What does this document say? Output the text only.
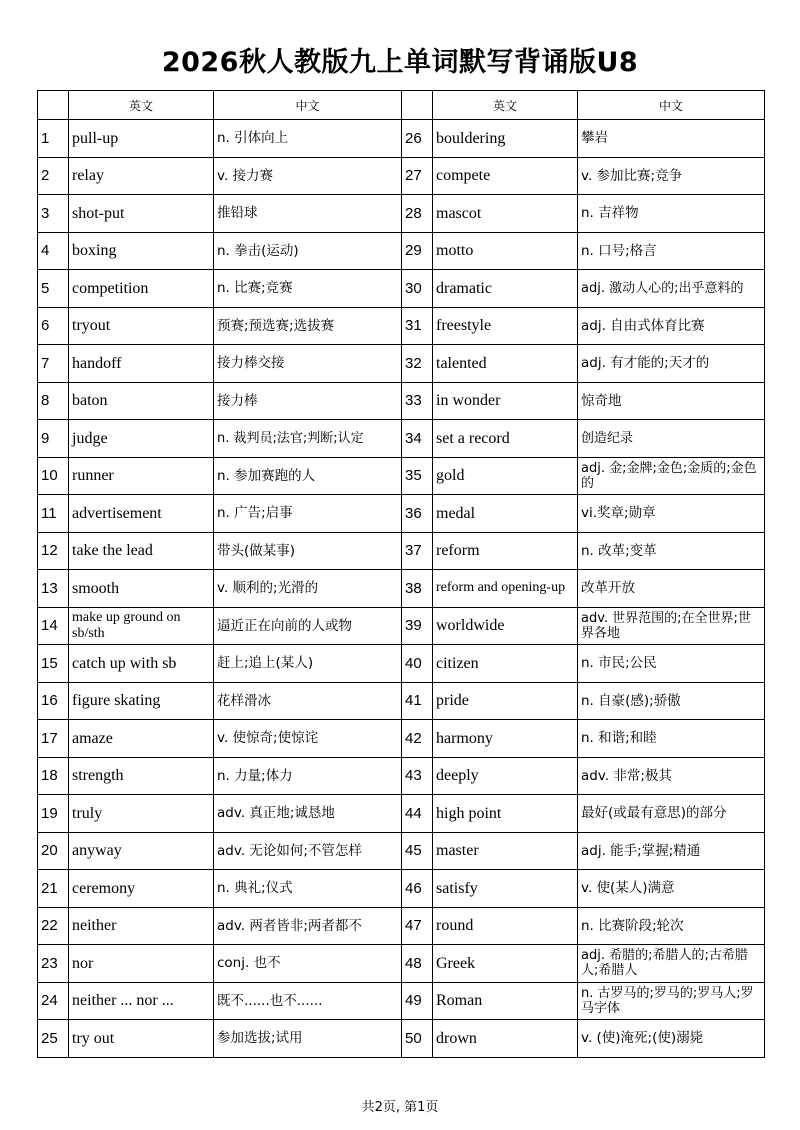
2026秋人教版九上单词默写背诵版U8
	英文	中文		英文	中文
1	pull-up	n. 引体向上	26	bouldering	攀岩
2	relay	v. 接力赛	27	compete	v. 参加比赛;竞争
3	shot-put	推铅球	28	mascot	n. 吉祥物
4	boxing	n. 拳击(运动)	29	motto	n. 口号;格言
5	competition	n. 比赛;竞赛	30	dramatic	adj. 激动人心的;出乎意料的
6	tryout	预赛;预选赛;选拔赛	31	freestyle	adj. 自由式体育比赛
7	handoff	接力棒交接	32	talented	adj. 有才能的;天才的
8	baton	接力棒	33	in wonder	惊奇地
9	judge	n. 裁判员;法官;判断;认定	34	set a record	创造纪录
10	runner	n. 参加赛跑的人	35	gold	adj. 金;金牌;金色;金质的;金色的
11	advertisement	n. 广告;启事	36	medal	vi.奖章;勋章
12	take the lead	带头(做某事)	37	reform	n. 改革;变革
13	smooth	v. 顺利的;光滑的	38	reform and opening-up	改革开放
14	make up ground on sb/sth	逼近正在向前的人或物	39	worldwide	adv. 世界范围的;在全世界;世界各地
15	catch up with sb	赶上;追上(某人)	40	citizen	n. 市民;公民
16	figure skating	花样滑冰	41	pride	n. 自豪(感);骄傲
17	amaze	v. 使惊奇;使惊诧	42	harmony	n. 和谐;和睦
18	strength	n. 力量;体力	43	deeply	adv. 非常;极其
19	truly	adv. 真正地;诚恳地	44	high point	最好(或最有意思)的部分
20	anyway	adv. 无论如何;不管怎样	45	master	adj. 能手;掌握;精通
21	ceremony	n. 典礼;仪式	46	satisfy	v. 使(某人)满意
22	neither	adv. 两者皆非;两者都不	47	round	n. 比赛阶段;轮次
23	nor	conj. 也不	48	Greek	adj. 希腊的;希腊人的;古希腊人;希腊人
24	neither ... nor ...	既不......也不......	49	Roman	n. 古罗马的;罗马的;罗马人;罗马字体
25	try out	参加选拔;试用	50	drown	v. (使)淹死;(使)溺毙
共2页, 第1页
